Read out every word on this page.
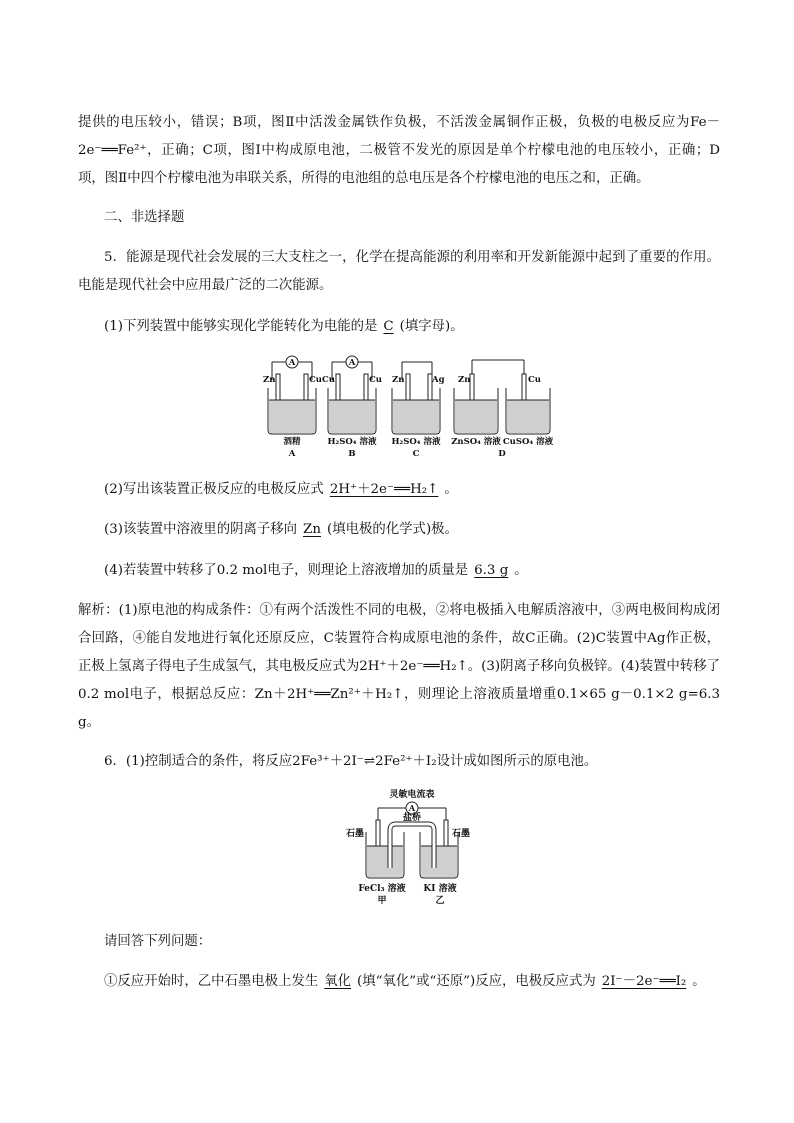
提供的电压较小，错误；B项，图Ⅱ中活泼金属铁作负极，不活泼金属铜作正极，负极的电极反应为Fe－2e⁻══Fe²⁺，正确；C项，图Ⅰ中构成原电池，二极管不发光的原因是单个柠檬电池的电压较小，正确；D项，图Ⅱ中四个柠檬电池为串联关系，所得的电池组的总电压是各个柠檬电池的电压之和，正确。

二、非选择题

5．能源是现代社会发展的三大支柱之一，化学在提高能源的利用率和开发新能源中起到了重要的作用。电能是现代社会中应用最广泛的二次能源。

(1)下列装置中能够实现化学能转化为电能的是 C (填字母)。

A	A
Zn	Cu Cu	Cu Zn	Ag Zn	Cu
酒精	H₂SO₄ 溶液 H₂SO₄ 溶液 ZnSO₄ 溶液 CuSO₄ 溶液
A	B	C	D

(2)写出该装置正极反应的电极反应式 2H⁺＋2e⁻══H₂↑ 。

(3)该装置中溶液里的阴离子移向 Zn (填电极的化学式)极。

(4)若装置中转移了0.2 mol电子，则理论上溶液增加的质量是 6.3 g 。

解析：(1)原电池的构成条件：①有两个活泼性不同的电极，②将电极插入电解质溶液中，③两电极间构成闭合回路，④能自发地进行氧化还原反应，C装置符合构成原电池的条件，故C正确。(2)C装置中Ag作正极，正极上氢离子得电子生成氢气，其电极反应式为2H⁺＋2e⁻══H₂↑。(3)阴离子移向负极锌。(4)装置中转移了0.2 mol电子，根据总反应：Zn＋2H⁺══Zn²⁺＋H₂↑，则理论上溶液质量增重0.1×65 g－0.1×2 g=6.3 g。

6．(1)控制适合的条件，将反应2Fe³⁺＋2I⁻⇌2Fe²⁺＋I₂设计成如图所示的原电池。

灵敏电流表
A
盐桥
石墨	石墨
FeCl₃ 溶液
甲
KI 溶液
乙

请回答下列问题：

①反应开始时，乙中石墨电极上发生 氧化 (填“氧化”或“还原”)反应，电极反应式为 2I⁻－2e⁻══I₂ 。
